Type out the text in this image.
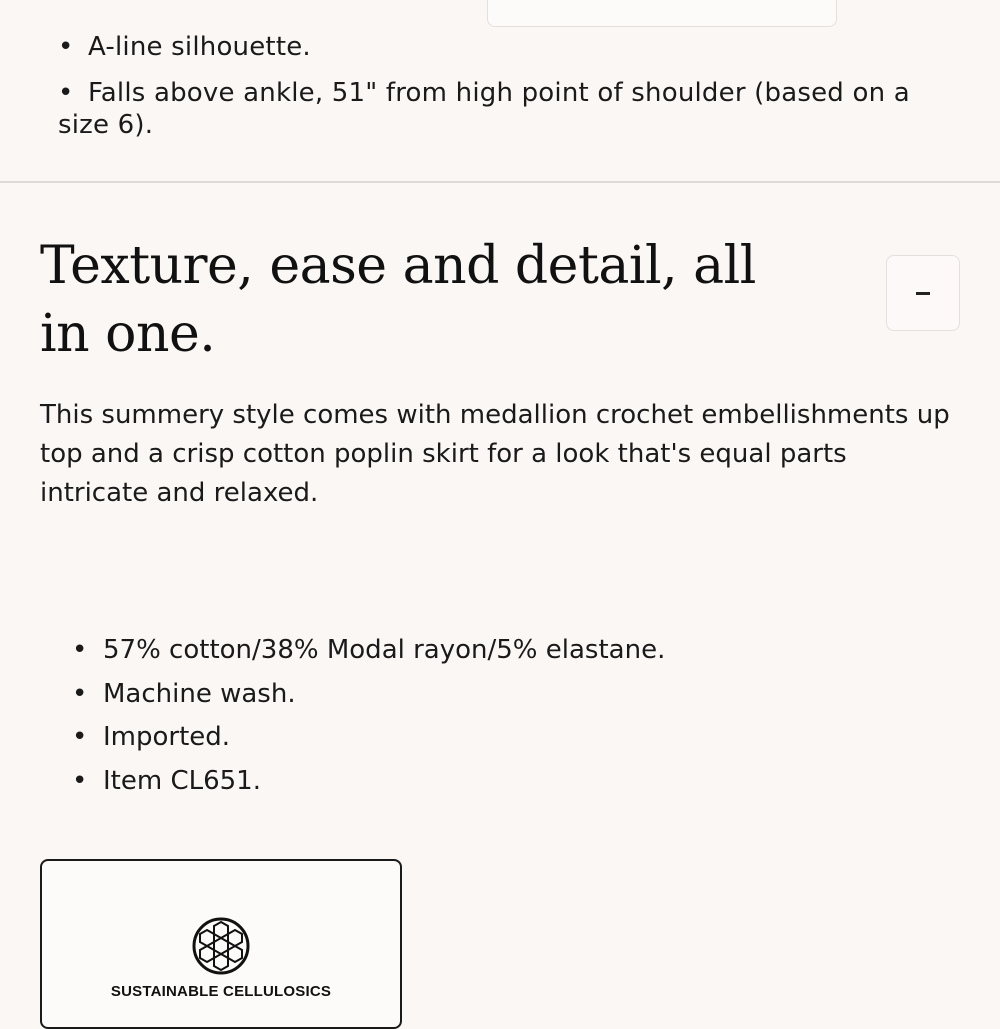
• A-line silhouette.
• Falls above ankle, 51" from high point of shoulder (based on a size 6).
Texture, ease and detail, all in one.

This summery style comes with medallion crochet embellishments up top and a crisp cotton poplin skirt for a look that's equal parts intricate and relaxed.

• 57% cotton/38% Modal rayon/5% elastane.
• Machine wash.
• Imported.
• Item CL651.
SUSTAINABLE CELLULOSICS
